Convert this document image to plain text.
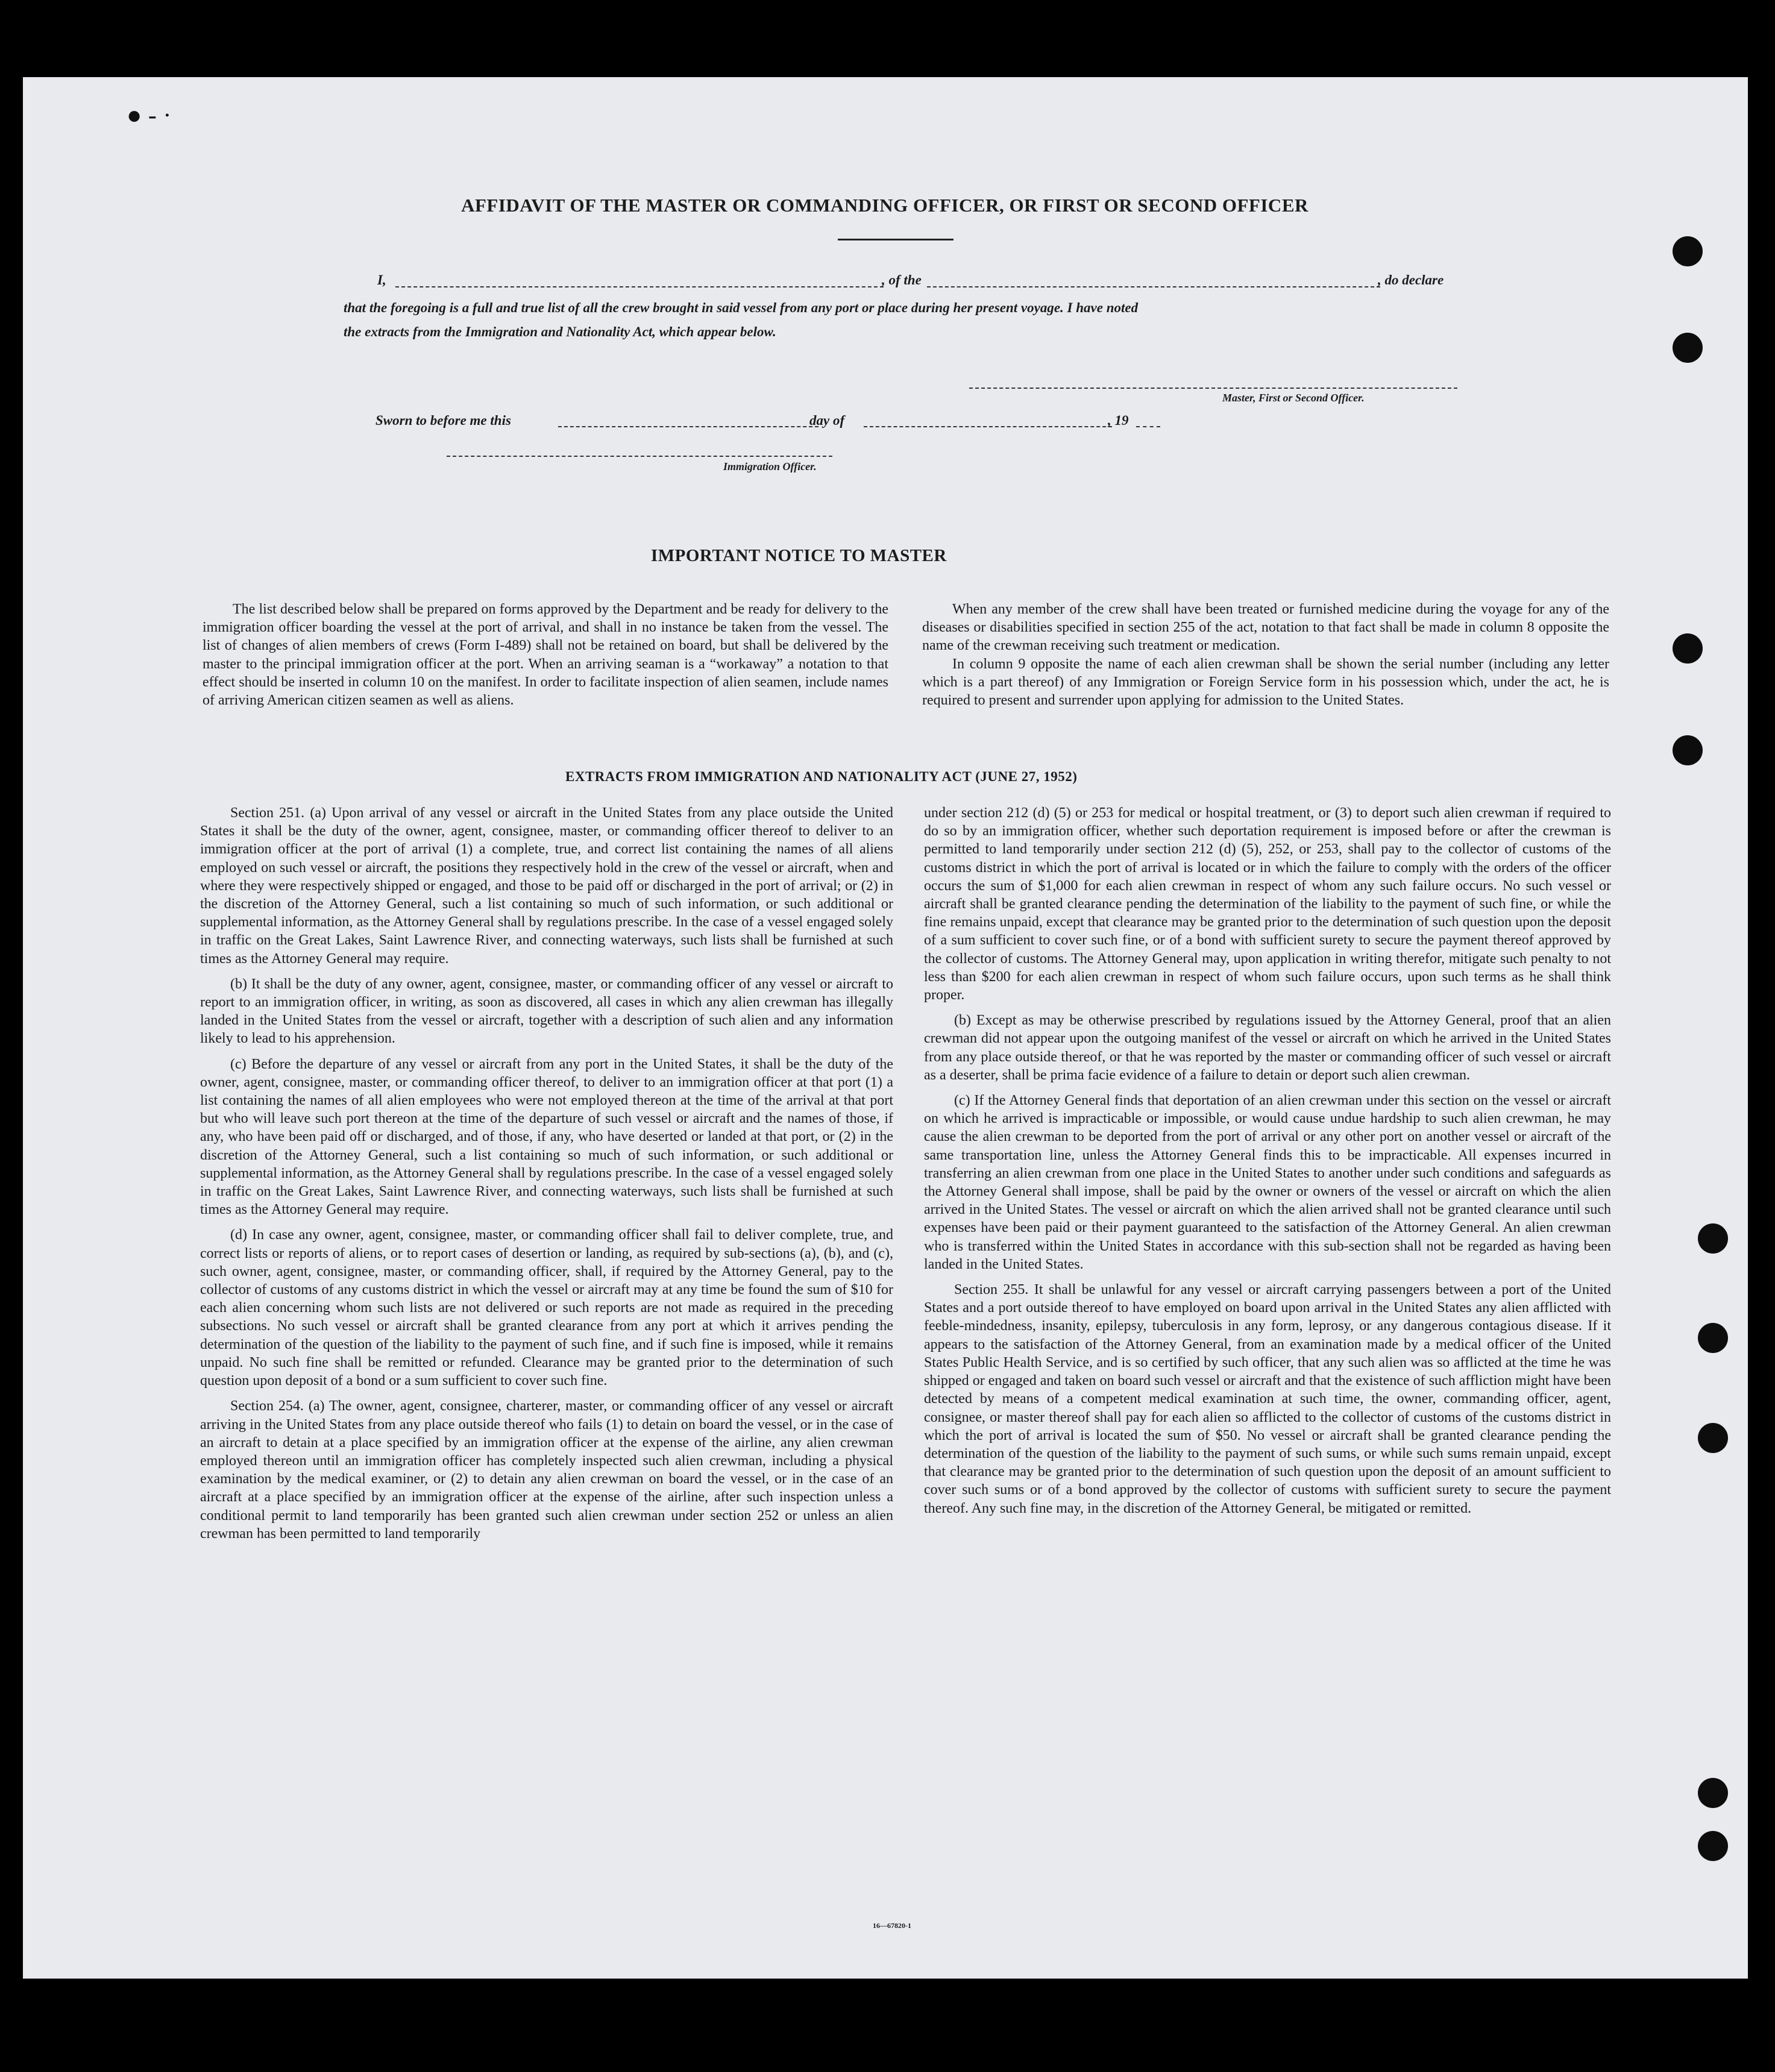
● ‑ ·
AFFIDAVIT OF THE MASTER OR COMMANDING OFFICER, OR FIRST OR SECOND OFFICER
I,	, of the	, do declare
that the foregoing is a full and true list of all the crew brought in said vessel from any port or place during her present voyage. I have noted
the extracts from the Immigration and Nationality Act, which appear below.
Master, First or Second Officer.
Sworn to before me this	day of	, 19
Immigration Officer.
IMPORTANT NOTICE TO MASTER

The list described below shall be prepared on forms approved by the Department and be ready for delivery to the immigration officer boarding the vessel at the port of arrival, and shall in no instance be taken from the vessel. The list of changes of alien members of crews (Form I-489) shall not be retained on board, but shall be delivered by the master to the principal immigration officer at the port. When an arriving seaman is a “workaway” a notation to that effect should be inserted in column 10 on the manifest. In order to facilitate inspection of alien seamen, include names of arriving American citizen seamen as well as aliens.

When any member of the crew shall have been treated or furnished medicine during the voyage for any of the diseases or disabilities specified in section 255 of the act, notation to that fact shall be made in column 8 opposite the name of the crewman receiving such treatment or medication.

In column 9 opposite the name of each alien crewman shall be shown the serial number (including any letter which is a part thereof) of any Immigration or Foreign Service form in his possession which, under the act, he is required to present and surrender upon applying for admission to the United States.

EXTRACTS FROM IMMIGRATION AND NATIONALITY ACT (JUNE 27, 1952)

Section 251. (a) Upon arrival of any vessel or aircraft in the United States from any place outside the United States it shall be the duty of the owner, agent, consignee, master, or commanding officer thereof to deliver to an immigration officer at the port of arrival (1) a complete, true, and correct list containing the names of all aliens employed on such vessel or aircraft, the positions they respectively hold in the crew of the vessel or aircraft, when and where they were respectively shipped or engaged, and those to be paid off or discharged in the port of arrival; or (2) in the discretion of the Attorney General, such a list containing so much of such information, or such additional or supplemental information, as the Attorney General shall by regulations prescribe. In the case of a vessel engaged solely in traffic on the Great Lakes, Saint Lawrence River, and connecting waterways, such lists shall be furnished at such times as the Attorney General may require.

(b) It shall be the duty of any owner, agent, consignee, master, or commanding officer of any vessel or aircraft to report to an immigration officer, in writing, as soon as discovered, all cases in which any alien crewman has illegally landed in the United States from the vessel or aircraft, together with a description of such alien and any information likely to lead to his apprehension.

(c) Before the departure of any vessel or aircraft from any port in the United States, it shall be the duty of the owner, agent, consignee, master, or commanding officer thereof, to deliver to an immigration officer at that port (1) a list containing the names of all alien employees who were not employed thereon at the time of the arrival at that port but who will leave such port thereon at the time of the departure of such vessel or aircraft and the names of those, if any, who have been paid off or discharged, and of those, if any, who have deserted or landed at that port, or (2) in the discretion of the Attorney General, such a list containing so much of such information, or such additional or supplemental information, as the Attorney General shall by regulations prescribe. In the case of a vessel engaged solely in traffic on the Great Lakes, Saint Lawrence River, and connecting waterways, such lists shall be furnished at such times as the Attorney General may require.

(d) In case any owner, agent, consignee, master, or commanding officer shall fail to deliver complete, true, and correct lists or reports of aliens, or to report cases of desertion or landing, as required by sub-sections (a), (b), and (c), such owner, agent, consignee, master, or commanding officer, shall, if required by the Attorney General, pay to the collector of customs of any customs district in which the vessel or aircraft may at any time be found the sum of $10 for each alien concerning whom such lists are not delivered or such reports are not made as required in the preceding subsections. No such vessel or aircraft shall be granted clearance from any port at which it arrives pending the determination of the question of the liability to the payment of such fine, and if such fine is imposed, while it remains unpaid. No such fine shall be remitted or refunded. Clearance may be granted prior to the determination of such question upon deposit of a bond or a sum sufficient to cover such fine.

Section 254. (a) The owner, agent, consignee, charterer, master, or commanding officer of any vessel or aircraft arriving in the United States from any place outside thereof who fails (1) to detain on board the vessel, or in the case of an aircraft to detain at a place specified by an immigration officer at the expense of the airline, any alien crewman employed thereon until an immigration officer has completely inspected such alien crewman, including a physical examination by the medical examiner, or (2) to detain any alien crewman on board the vessel, or in the case of an aircraft at a place specified by an immigration officer at the expense of the airline, after such inspection unless a conditional permit to land temporarily has been granted such alien crewman under section 252 or unless an alien crewman has been permitted to land temporarily

under section 212 (d) (5) or 253 for medical or hospital treatment, or (3) to deport such alien crewman if required to do so by an immigration officer, whether such deportation requirement is imposed before or after the crewman is permitted to land temporarily under section 212 (d) (5), 252, or 253, shall pay to the collector of customs of the customs district in which the port of arrival is located or in which the failure to comply with the orders of the officer occurs the sum of $1,000 for each alien crewman in respect of whom any such failure occurs. No such vessel or aircraft shall be granted clearance pending the determination of the liability to the payment of such fine, or while the fine remains unpaid, except that clearance may be granted prior to the determination of such question upon the deposit of a sum sufficient to cover such fine, or of a bond with sufficient surety to secure the payment thereof approved by the collector of customs. The Attorney General may, upon application in writing therefor, mitigate such penalty to not less than $200 for each alien crewman in respect of whom such failure occurs, upon such terms as he shall think proper.

(b) Except as may be otherwise prescribed by regulations issued by the Attorney General, proof that an alien crewman did not appear upon the outgoing manifest of the vessel or aircraft on which he arrived in the United States from any place outside thereof, or that he was reported by the master or commanding officer of such vessel or aircraft as a deserter, shall be prima facie evidence of a failure to detain or deport such alien crewman.

(c) If the Attorney General finds that deportation of an alien crewman under this section on the vessel or aircraft on which he arrived is impracticable or impossible, or would cause undue hardship to such alien crewman, he may cause the alien crewman to be deported from the port of arrival or any other port on another vessel or aircraft of the same transportation line, unless the Attorney General finds this to be impracticable. All expenses incurred in transferring an alien crewman from one place in the United States to another under such conditions and safeguards as the Attorney General shall impose, shall be paid by the owner or owners of the vessel or aircraft on which the alien arrived in the United States. The vessel or aircraft on which the alien arrived shall not be granted clearance until such expenses have been paid or their payment guaranteed to the satisfaction of the Attorney General. An alien crewman who is transferred within the United States in accordance with this sub-section shall not be regarded as having been landed in the United States.

Section 255. It shall be unlawful for any vessel or aircraft carrying passengers between a port of the United States and a port outside thereof to have employed on board upon arrival in the United States any alien afflicted with feeble-mindedness, insanity, epilepsy, tuberculosis in any form, leprosy, or any dangerous contagious disease. If it appears to the satisfaction of the Attorney General, from an examination made by a medical officer of the United States Public Health Service, and is so certified by such officer, that any such alien was so afflicted at the time he was shipped or engaged and taken on board such vessel or aircraft and that the existence of such affliction might have been detected by means of a competent medical examination at such time, the owner, commanding officer, agent, consignee, or master thereof shall pay for each alien so afflicted to the collector of customs of the customs district in which the port of arrival is located the sum of $50. No vessel or aircraft shall be granted clearance pending the determination of the question of the liability to the payment of such sums, or while such sums remain unpaid, except that clearance may be granted prior to the determination of such question upon the deposit of an amount sufficient to cover such sums or of a bond approved by the collector of customs with sufficient surety to secure the payment thereof. Any such fine may, in the discretion of the Attorney General, be mitigated or remitted.

16—67820-1
